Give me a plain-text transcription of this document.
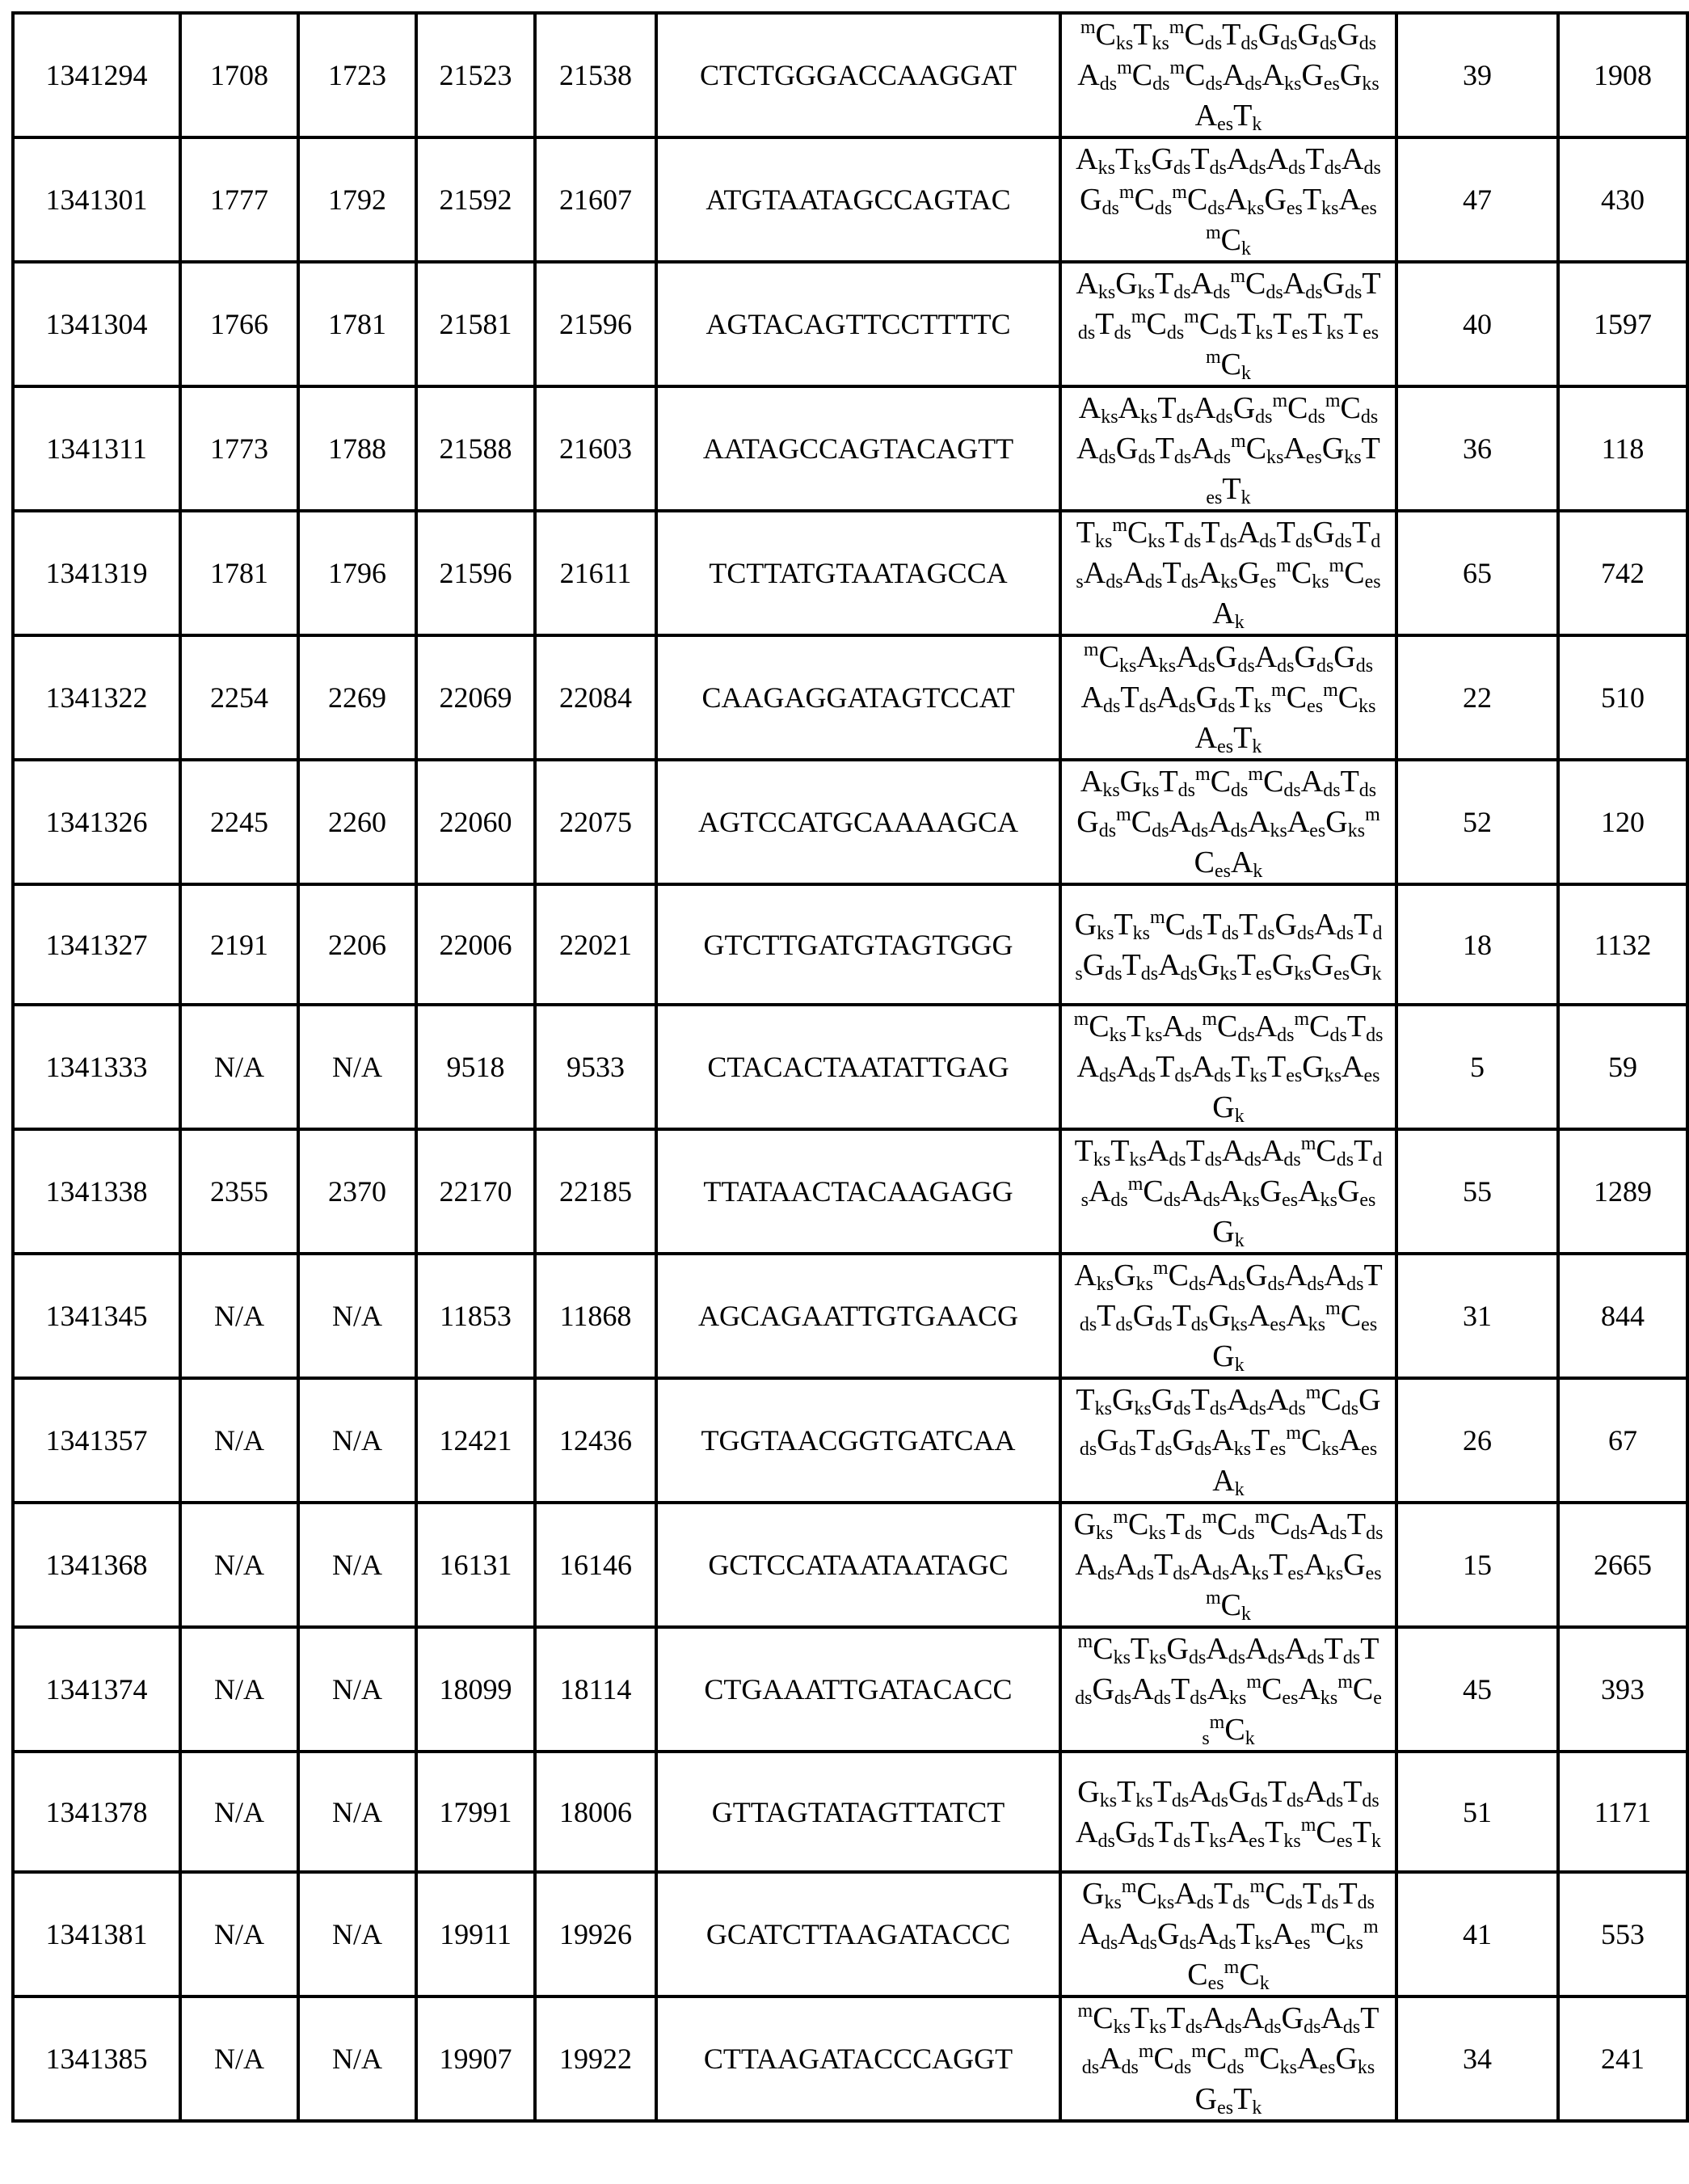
1341294	1708	1723	21523	21538	CTCTGGGACCAAGGAT	mCksTksmCdsTdsGdsGdsGdsAdsmCdsmCdsAdsAksGesGksAesTk	39	1908
1341301	1777	1792	21592	21607	ATGTAATAGCCAGTAC	AksTksGdsTdsAdsAdsTdsAdsGdsmCdsmCdsAksGesTksAesmCk	47	430
1341304	1766	1781	21581	21596	AGTACAGTTCCTTTTC	AksGksTdsAdsmCdsAdsGdsTdsTdsmCdsmCdsTksTesTksTesmCk	40	1597
1341311	1773	1788	21588	21603	AATAGCCAGTACAGTT	AksAksTdsAdsGdsmCdsmCdsAdsGdsTdsAdsmCksAesGksTesTk	36	118
1341319	1781	1796	21596	21611	TCTTATGTAATAGCCA	TksmCksTdsTdsAdsTdsGdsTdsAdsAdsTdsAksGesmCksmCesAk	65	742
1341322	2254	2269	22069	22084	CAAGAGGATAGTCCAT	mCksAksAdsGdsAdsGdsGdsAdsTdsAdsGdsTksmCesmCksAesTk	22	510
1341326	2245	2260	22060	22075	AGTCCATGCAAAAGCA	AksGksTdsmCdsmCdsAdsTdsGdsmCdsAdsAdsAksAesGksmCesAk	52	120
1341327	2191	2206	22006	22021	GTCTTGATGTAGTGGG	GksTksmCdsTdsTdsGdsAdsTdsGdsTdsAdsGksTesGksGesGk	18	1132
1341333	N/A	N/A	9518	9533	CTACACTAATATTGAG	mCksTksAdsmCdsAdsmCdsTdsAdsAdsTdsAdsTksTesGksAesGk	5	59
1341338	2355	2370	22170	22185	TTATAACTACAAGAGG	TksTksAdsTdsAdsAdsmCdsTdsAdsmCdsAdsAksGesAksGesGk	55	1289
1341345	N/A	N/A	11853	11868	AGCAGAATTGTGAACG	AksGksmCdsAdsGdsAdsAdsTdsTdsGdsTdsGksAesAksmCesGk	31	844
1341357	N/A	N/A	12421	12436	TGGTAACGGTGATCAA	TksGksGdsTdsAdsAdsmCdsGdsGdsTdsGdsAksTesmCksAesAk	26	67
1341368	N/A	N/A	16131	16146	GCTCCATAATAATAGC	GksmCksTdsmCdsmCdsAdsTdsAdsAdsTdsAdsAksTesAksGesmCk	15	2665
1341374	N/A	N/A	18099	18114	CTGAAATTGATACACC	mCksTksGdsAdsAdsAdsTdsTdsGdsAdsTdsAksmCesAksmCesmCk	45	393
1341378	N/A	N/A	17991	18006	GTTAGTATAGTTATCT	GksTksTdsAdsGdsTdsAdsTdsAdsGdsTdsTksAesTksmCesTk	51	1171
1341381	N/A	N/A	19911	19926	GCATCTTAAGATACCC	GksmCksAdsTdsmCdsTdsTdsAdsAdsGdsAdsTksAesmCksmCesmCk	41	553
1341385	N/A	N/A	19907	19922	CTTAAGATACCCAGGT	mCksTksTdsAdsAdsGdsAdsTdsAdsmCdsmCdsmCksAesGksGesTk	34	241
